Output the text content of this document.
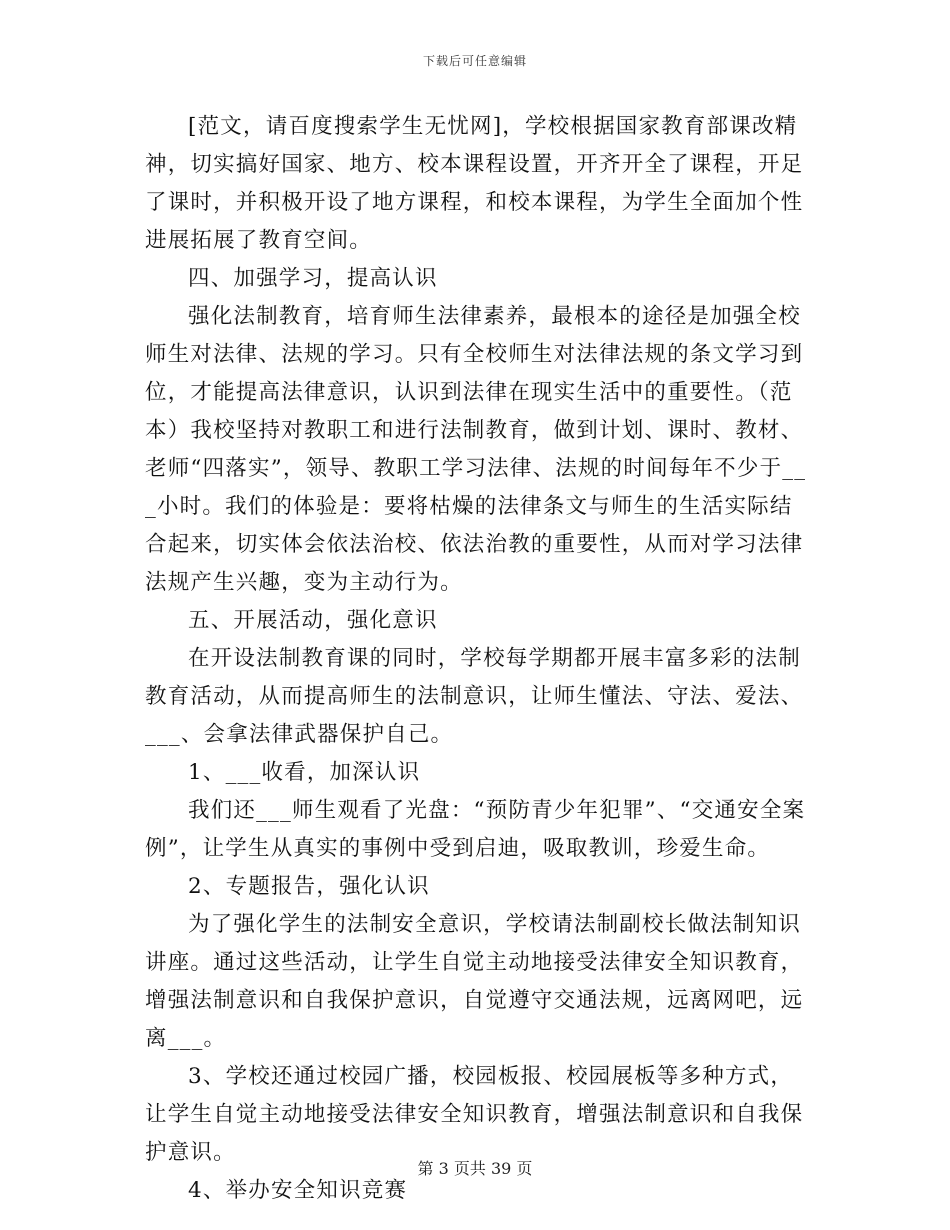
下载后可任意编辑

[范文，请百度搜索学生无忧网]，学校根据国家教育部课改精神，切实搞好国家、地方、校本课程设置，开齐开全了课程，开足了课时，并积极开设了地方课程，和校本课程，为学生全面加个性进展拓展了教育空间。

四、加强学习，提高认识

强化法制教育，培育师生法律素养，最根本的途径是加强全校师生对法律、法规的学习。只有全校师生对法律法规的条文学习到位，才能提高法律意识，认识到法律在现实生活中的重要性。（范本）我校坚持对教职工和进行法制教育，做到计划、课时、教材、老师“四落实”，领导、教职工学习法律、法规的时间每年不少于___小时。我们的体验是：要将枯燥的法律条文与师生的生活实际结合起来，切实体会依法治校、依法治教的重要性，从而对学习法律法规产生兴趣，变为主动行为。

五、开展活动，强化意识

在开设法制教育课的同时，学校每学期都开展丰富多彩的法制教育活动，从而提高师生的法制意识，让师生懂法、守法、爱法、___、会拿法律武器保护自己。

1、___收看，加深认识

我们还___师生观看了光盘：“预防青少年犯罪”、“交通安全案例”，让学生从真实的事例中受到启迪，吸取教训，珍爱生命。

2、专题报告，强化认识

为了强化学生的法制安全意识，学校请法制副校长做法制知识讲座。通过这些活动，让学生自觉主动地接受法律安全知识教育，增强法制意识和自我保护意识，自觉遵守交通法规，远离网吧，远离___。

3、学校还通过校园广播，校园板报、校园展板等多种方式，让学生自觉主动地接受法律安全知识教育，增强法制意识和自我保护意识。

4、举办安全知识竞赛

第 3 页共 39 页
